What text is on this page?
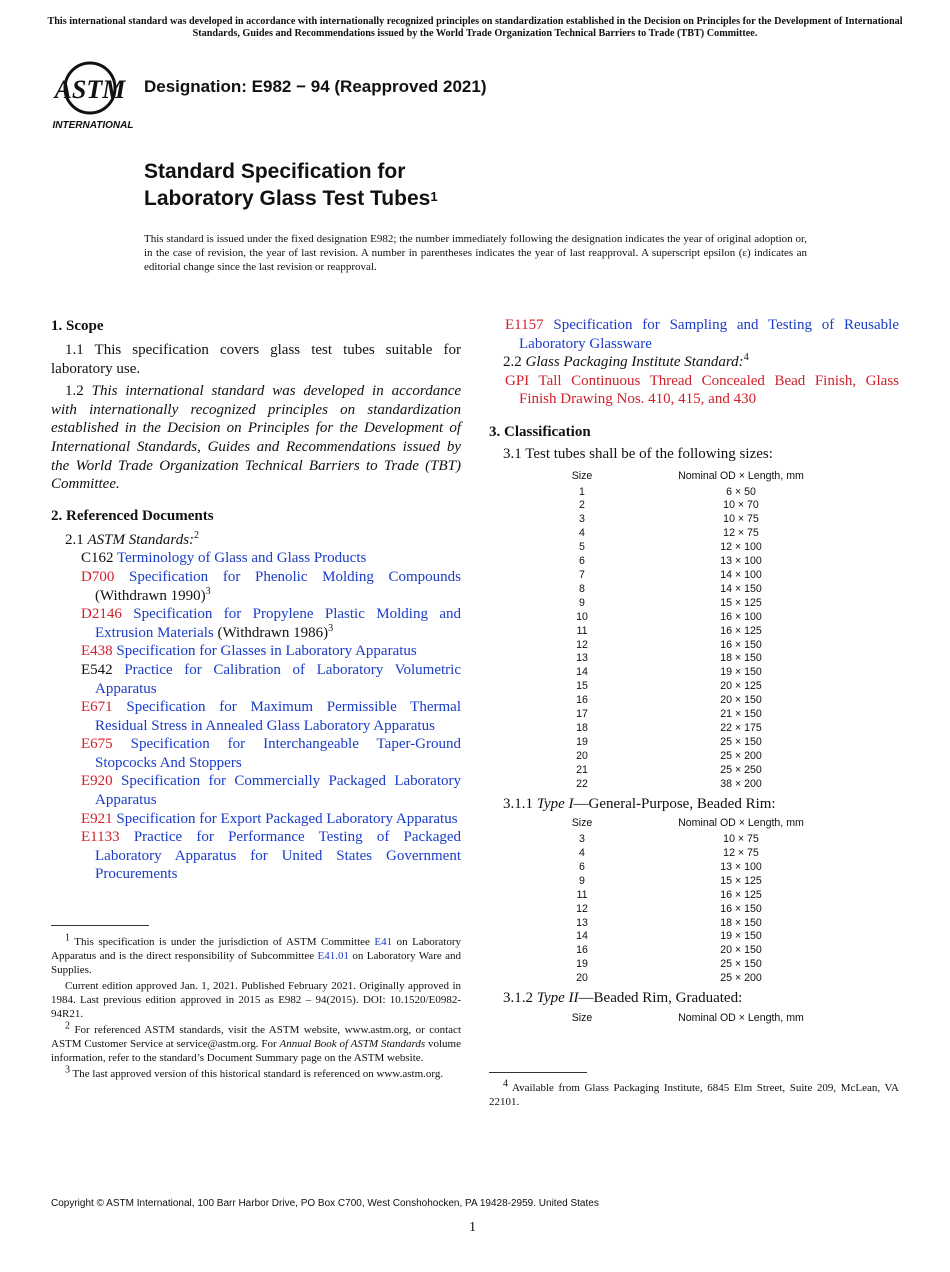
This international standard was developed in accordance with internationally recognized principles on standardization established in the Decision on Principles for the Development of International Standards, Guides and Recommendations issued by the World Trade Organization Technical Barriers to Trade (TBT) Committee.
ASTM
INTERNATIONAL
Designation: E982 − 94 (Reapproved 2021)
Standard Specification for
Laboratory Glass Test Tubes$^1$
This standard is issued under the fixed designation E982; the number immediately following the designation indicates the year of original adoption or, in the case of revision, the year of last revision. A number in parentheses indicates the year of last reapproval. A superscript epsilon (ε) indicates an editorial change since the last revision or reapproval.
1. Scope

1.1 This specification covers glass test tubes suitable for laboratory use.

1.2 This international standard was developed in accordance with internationally recognized principles on standardization established in the Decision on Principles for the Development of International Standards, Guides and Recommendations issued by the World Trade Organization Technical Barriers to Trade (TBT) Committee.

2. Referenced Documents

2.1 ASTM Standards:$^2$

C162 Terminology of Glass and Glass Products

D700 Specification for Phenolic Molding Compounds (Withdrawn 1990)$^3$

D2146 Specification for Propylene Plastic Molding and Extrusion Materials (Withdrawn 1986)$^3$

E438 Specification for Glasses in Laboratory Apparatus

E542 Practice for Calibration of Laboratory Volumetric Apparatus

E671 Specification for Maximum Permissible Thermal Residual Stress in Annealed Glass Laboratory Apparatus

E675 Specification for Interchangeable Taper-Ground Stopcocks And Stoppers

E920 Specification for Commercially Packaged Laboratory Apparatus

E921 Specification for Export Packaged Laboratory Apparatus

E1133 Practice for Performance Testing of Packaged Laboratory Apparatus for United States Government Procurements

1 This specification is under the jurisdiction of ASTM Committee E41 on Laboratory Apparatus and is the direct responsibility of Subcommittee E41.01 on Laboratory Ware and Supplies.

Current edition approved Jan. 1, 2021. Published February 2021. Originally approved in 1984. Last previous edition approved in 2015 as E982 – 94(2015). DOI: 10.1520/E0982-94R21.

2 For referenced ASTM standards, visit the ASTM website, www.astm.org, or contact ASTM Customer Service at service@astm.org. For Annual Book of ASTM Standards volume information, refer to the standard’s Document Summary page on the ASTM website.

3 The last approved version of this historical standard is referenced on www.astm.org.

E1157 Specification for Sampling and Testing of Reusable Laboratory Glassware

2.2 Glass Packaging Institute Standard:$^4$

GPI Tall Continuous Thread Concealed Bead Finish, Glass Finish Drawing Nos. 410, 415, and 430

3. Classification

3.1 Test tubes shall be of the following sizes:

Size	Nominal OD × Length, mm
1	6 × 50
2	10 × 70
3	10 × 75
4	12 × 75
5	12 × 100
6	13 × 100
7	14 × 100
8	14 × 150
9	15 × 125
10	16 × 100
11	16 × 125
12	16 × 150
13	18 × 150
14	19 × 150
15	20 × 125
16	20 × 150
17	21 × 150
18	22 × 175
19	25 × 150
20	25 × 200
21	25 × 250
22	38 × 200

3.1.1 Type I—General-Purpose, Beaded Rim:

Size	Nominal OD × Length, mm
3	10 × 75
4	12 × 75
6	13 × 100
9	15 × 125
11	16 × 125
12	16 × 150
13	18 × 150
14	19 × 150
16	20 × 150
19	25 × 150
20	25 × 200

3.1.2 Type II—Beaded Rim, Graduated:

Size	Nominal OD × Length, mm

4 Available from Glass Packaging Institute, 6845 Elm Street, Suite 209, McLean, VA 22101.

Copyright © ASTM International, 100 Barr Harbor Drive, PO Box C700, West Conshohocken, PA 19428-2959. United States
1
